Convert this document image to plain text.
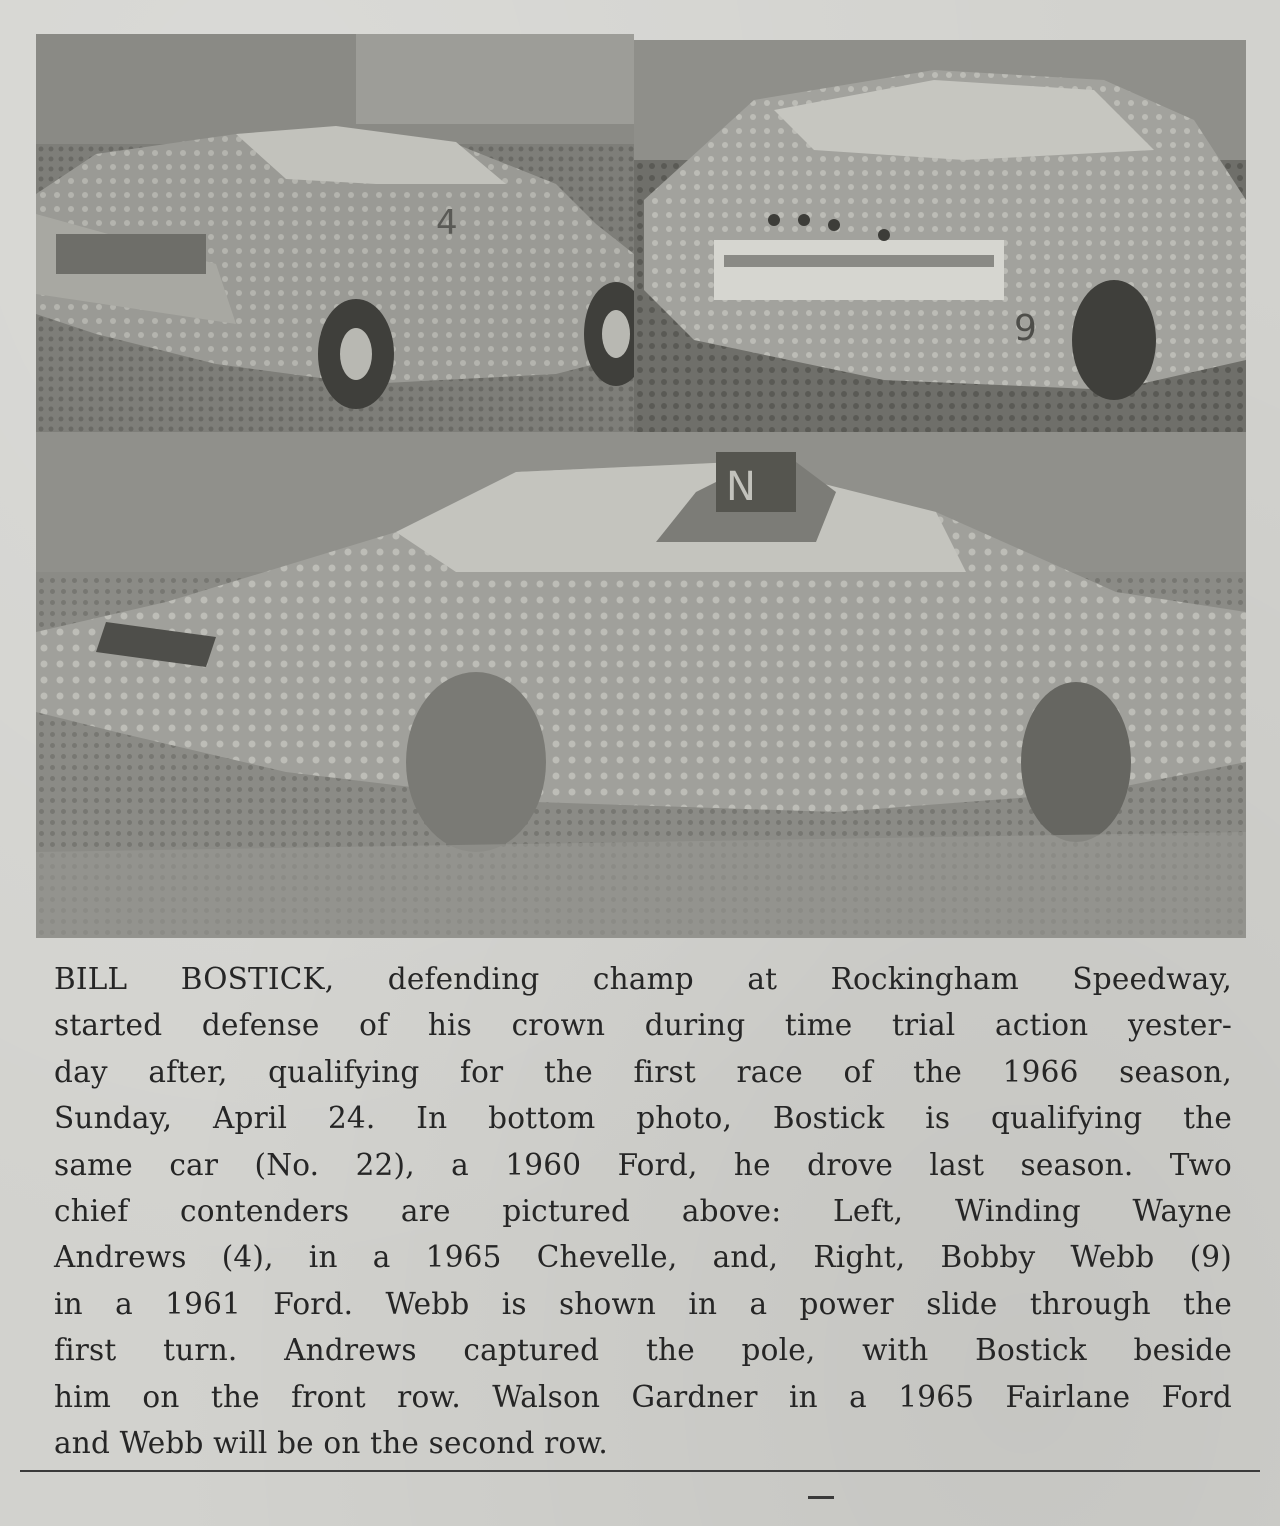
4
9
N
BILL BOSTICK, defending champ at Rockingham Speedway,
started defense of his crown during time trial action yester-
day after, qualifying for the first race of the 1966 season,
Sunday, April 24. In bottom photo, Bostick is qualifying the
same car (No. 22), a 1960 Ford, he drove last season. Two
chief contenders are pictured above: Left, Winding Wayne
Andrews (4), in a 1965 Chevelle, and, Right, Bobby Webb (9)
in a 1961 Ford. Webb is shown in a power slide through the
first turn. Andrews captured the pole, with Bostick beside
him on the front row. Walson Gardner in a 1965 Fairlane Ford
and Webb will be on the second row.
